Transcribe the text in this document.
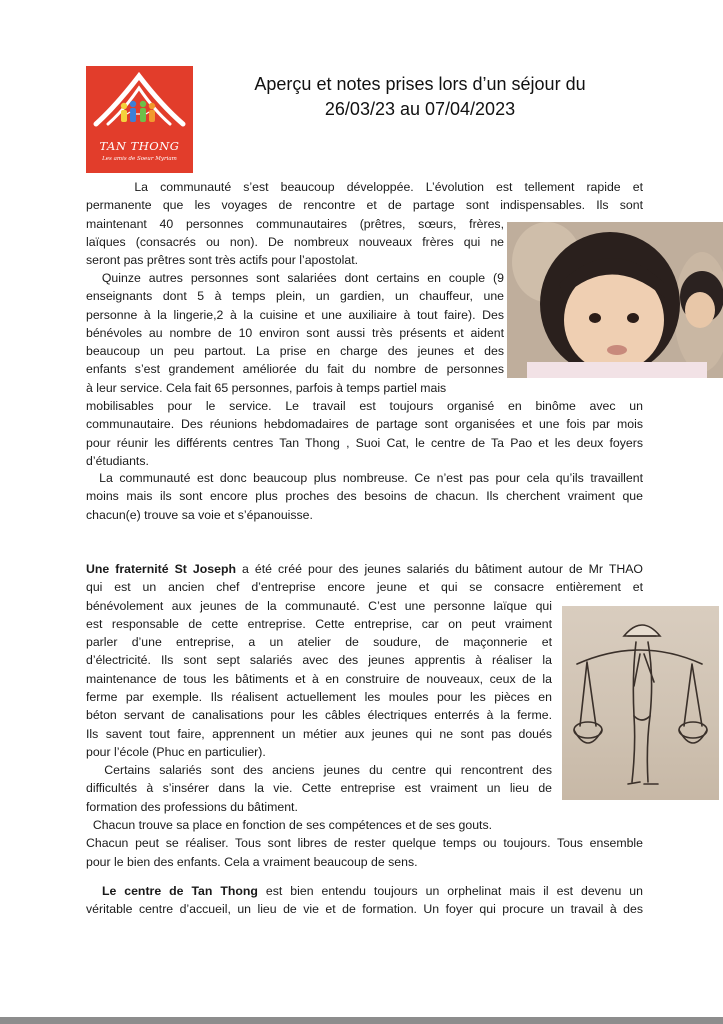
TAN THONG
Les amis de Soeur Myriam
Aperçu et notes prises lors d’un séjour du
26/03/23 au 07/04/2023
La communauté s’est beaucoup développée. L’évolution est tellement rapide et
permanente que les voyages de rencontre et de partage sont indispensables. Ils sont
maintenant 40 personnes communautaires (prêtres, sœurs, frères,
laïques (consacrés ou non). De nombreux nouveaux frères qui ne
seront pas prêtres sont très actifs pour l’apostolat.
Quinze autres personnes sont salariées dont certains en couple (9
enseignants dont 5 à temps plein, un gardien, un chauffeur, une
personne à la lingerie,2 à la cuisine et une auxiliaire à tout faire). Des
bénévoles au nombre de 10 environ sont aussi très présents et aident
beaucoup un peu partout. La prise en charge des jeunes et des
enfants s’est grandement améliorée du fait du nombre de personnes
à leur service. Cela fait 65 personnes, parfois à temps partiel mais
mobilisables pour le service. Le travail est toujours organisé en binôme avec un
communautaire. Des réunions hebdomadaires de partage sont organisées et une fois par mois
pour réunir les différents centres Tan Thong , Suoi Cat, le centre de Ta Pao et les deux foyers
d’étudiants.
La communauté est donc beaucoup plus nombreuse. Ce n’est pas pour cela qu’ils travaillent
moins mais ils sont encore plus proches des besoins de chacun. Ils cherchent vraiment que
chacun(e) trouve sa voie et s’épanouisse.
Une fraternité St Joseph a été créé pour des jeunes salariés du bâtiment autour de Mr THAO
qui est un ancien chef d’entreprise encore jeune et qui se consacre entièrement et
bénévolement aux jeunes de la communauté. C’est une personne laïque qui
est responsable de cette entreprise. Cette entreprise, car on peut vraiment
parler d’une entreprise, a un atelier de soudure, de maçonnerie et
d’électricité. Ils sont sept salariés avec des jeunes apprentis à réaliser la
maintenance de tous les bâtiments et à en construire de nouveaux, ceux de la
ferme par exemple. Ils réalisent actuellement les moules pour les pièces en
béton servant de canalisations pour les câbles électriques enterrés à la ferme.
Ils savent tout faire, apprennent un métier aux jeunes qui ne sont pas doués
pour l’école (Phuc en particulier).
Certains salariés sont des anciens jeunes du centre qui rencontrent des
difficultés à s’insérer dans la vie. Cette entreprise est vraiment un lieu de
formation des professions du bâtiment.
Chacun trouve sa place en fonction de ses compétences et de ses gouts.
Chacun peut se réaliser. Tous sont libres de rester quelque temps ou toujours. Tous ensemble
pour le bien des enfants. Cela a vraiment beaucoup de sens.
Le centre de Tan Thong est bien entendu toujours un orphelinat mais il est devenu un
véritable centre d’accueil, un lieu de vie et de formation. Un foyer qui procure un travail à des
